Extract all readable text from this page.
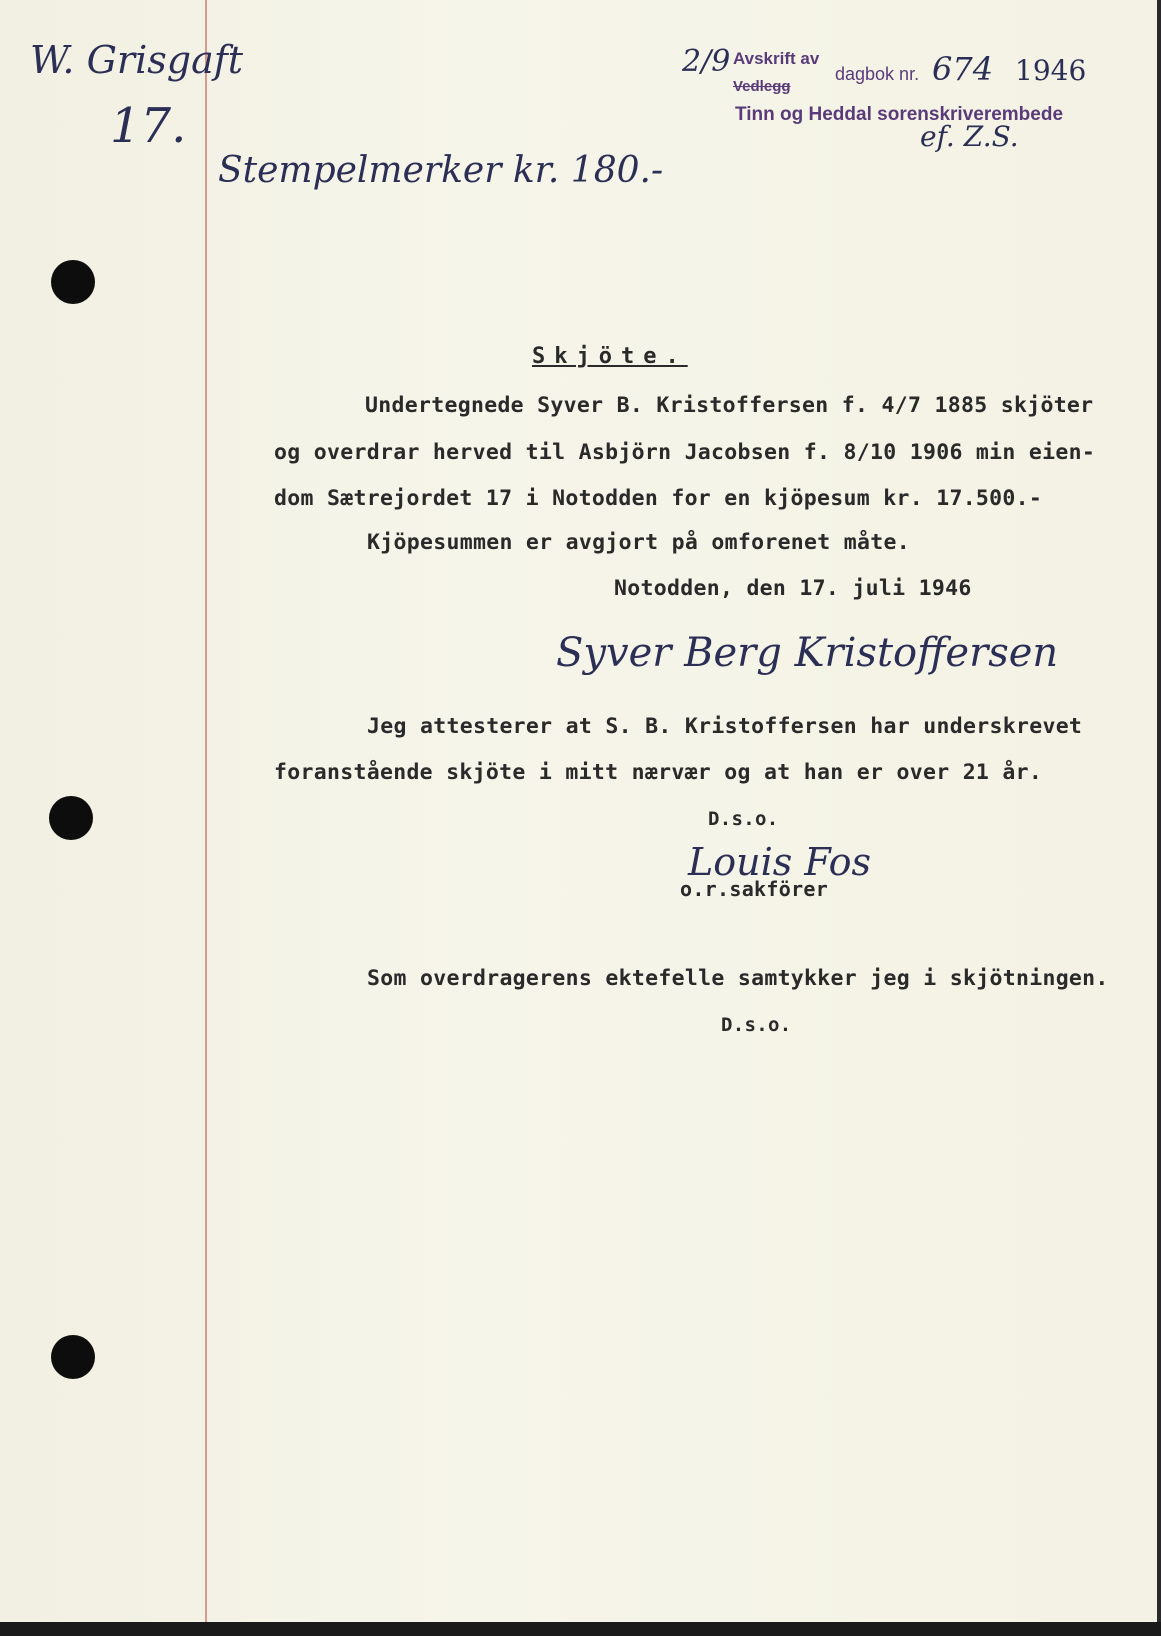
W. Grisgaft
17.
2/9 Avskrift av
Vedlegg
dagbok nr. 674 1946
Tinn og Heddal sorenskriverembede
ef. Z.S.
Stempelmerker kr. 180.-
Skjöte.
Undertegnede Syver B. Kristoffersen f. 4/7 1885 skjöter
og overdrar herved til Asbjörn Jacobsen f. 8/10 1906 min eien-
dom Sætrejordet 17 i Notodden for en kjöpesum kr. 17.500.-
Kjöpesummen er avgjort på omforenet måte.
Notodden, den 17. juli 1946
Syver Berg Kristoffersen
Jeg attesterer at S. B. Kristoffersen har underskrevet
foranstående skjöte i mitt nærvær og at han er over 21 år.
D.s.o.
Louis Fos
o.r.sakförer
Som overdragerens ektefelle samtykker jeg i skjötningen.
D.s.o.
